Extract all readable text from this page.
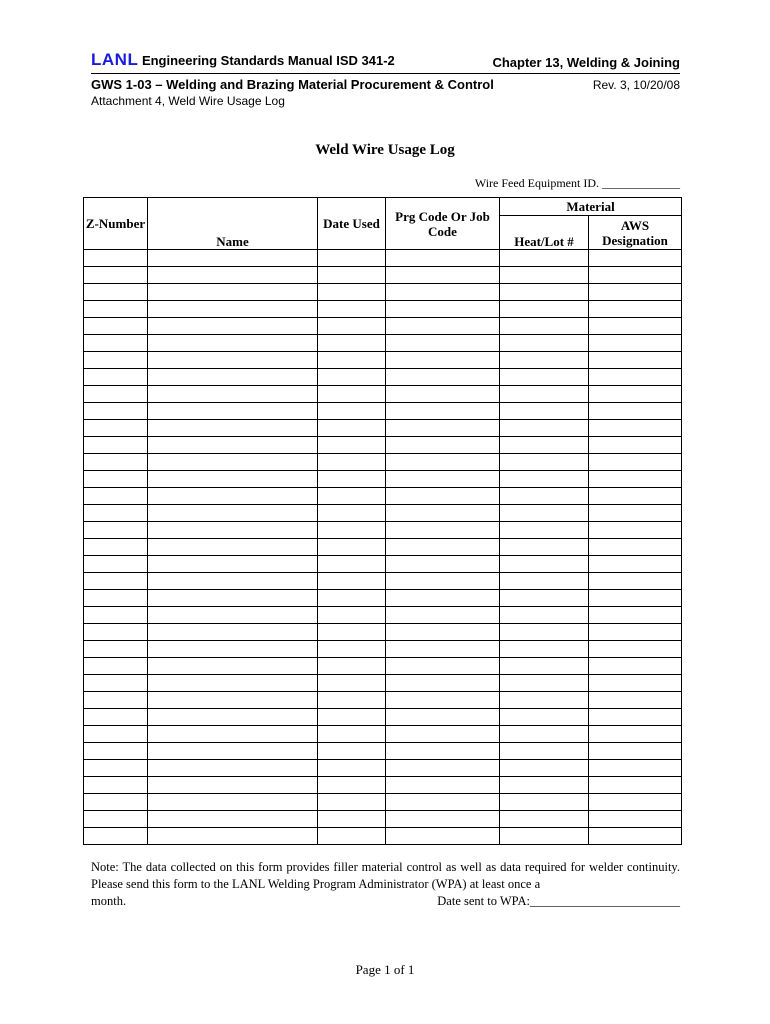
LANL Engineering Standards Manual ISD 341-2	Chapter 13, Welding & Joining
GWS 1-03 – Welding and Brazing Material Procurement & Control	Rev. 3, 10/20/08
Attachment 4, Weld Wire Usage Log
Weld Wire Usage Log
Wire Feed Equipment ID. _____________
Z-Number	Name	Date Used	Prg Code Or Job Code	Material	
				Heat/Lot #	AWS Designation

Note: The data collected on this form provides filler material control as well as data required for welder continuity. Please send this form to the LANL Welding Program Administrator (WPA) at least once a
month.	Date sent to WPA:________________________
Page 1 of 1
